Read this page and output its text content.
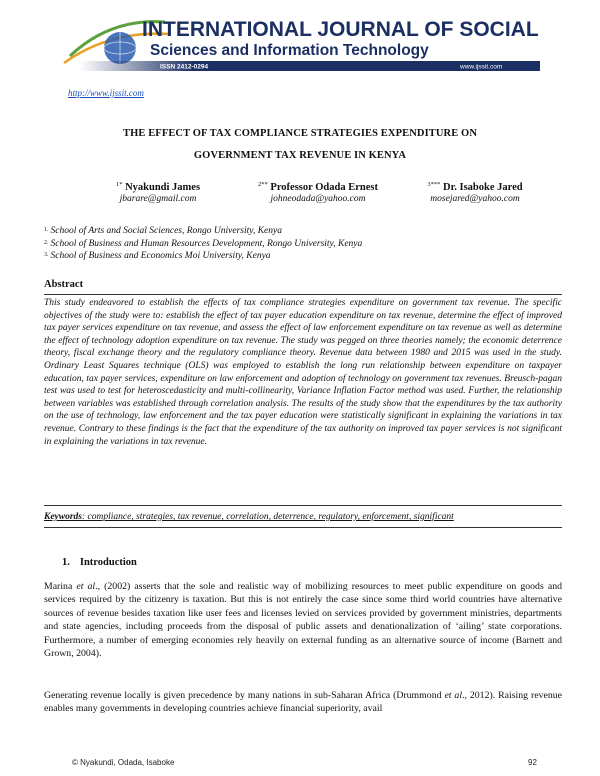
INTERNATIONAL JOURNAL OF SOCIAL
Sciences and Information Technology
ISSN 2412-0294	www.ijssit.com
http://www.ijssit.com
THE EFFECT OF TAX COMPLIANCE STRATEGIES EXPENDITURE ON
GOVERNMENT TAX REVENUE IN KENYA
$^{1*}$ Nyakundi James
jbarare@gmail.com
$^{2**}$ Professor Odada Ernest
johneodada@yahoo.com
$^{3***}$ Dr. Isaboke Jared
mosejared@yahoo.com
$^{1.}$ School of Arts and Social Sciences, Rongo University, Kenya
$^{2.}$ School of Business and Human Resources Development, Rongo University, Kenya
$^{3.}$ School of Business and Economics Moi University, Kenya
Abstract
This study endeavored to establish the effects of tax compliance strategies expenditure on government tax revenue. The specific objectives of the study were to: establish the effect of tax payer education expenditure on tax revenue, determine the effect of improved tax payer services expenditure on tax revenue, and assess the effect of law enforcement expenditure on tax revenue as well as determine the effect of technology adoption expenditure on tax revenue. The study was pegged on three theories namely; the economic deterrence theory, fiscal exchange theory and the regulatory compliance theory. Revenue data between 1980 and 2015 was used in the study. Ordinary Least Squares technique (OLS) was employed to establish the long run relationship between expenditure on taxpayer education, tax payer services, expenditure on law enforcement and adoption of technology on government tax revenues. Breusch-pagan test was used to test for heteroscedasticity and multi-collinearity, Variance Inflation Factor method was used. Further, the relationship between variables was established through correlation analysis. The results of the study show that the expenditures by the tax authority on the use of technology, law enforcement and the tax payer education were statistically significant in explaining the variations in tax revenue. Contrary to these findings is the fact that the expenditure of the tax authority on improved tax payer services is not significant in explaining the variations in tax revenue.
Keywords: compliance, strategies, tax revenue, correlation, deterrence, regulatory, enforcement, significant
1. Introduction
Marina et al., (2002) asserts that the sole and realistic way of mobilizing resources to meet public expenditure on goods and services required by the citizenry is taxation. But this is not entirely the case since some third world countries have alternative sources of revenue besides taxation like user fees and licenses levied on services provided by government ministries, departments and state agencies, including proceeds from the disposal of public assets and denationalization of ‘ailing’ state corporations. Furthermore, a number of emerging economies rely heavily on external funding as an alternative source of income (Barnett and Grown, 2004).
Generating revenue locally is given precedence by many nations in sub-Saharan Africa (Drummond et al., 2012). Raising revenue enables many governments in developing countries achieve financial superiority, avail
© Nyakundi, Odada, Isaboke	92
